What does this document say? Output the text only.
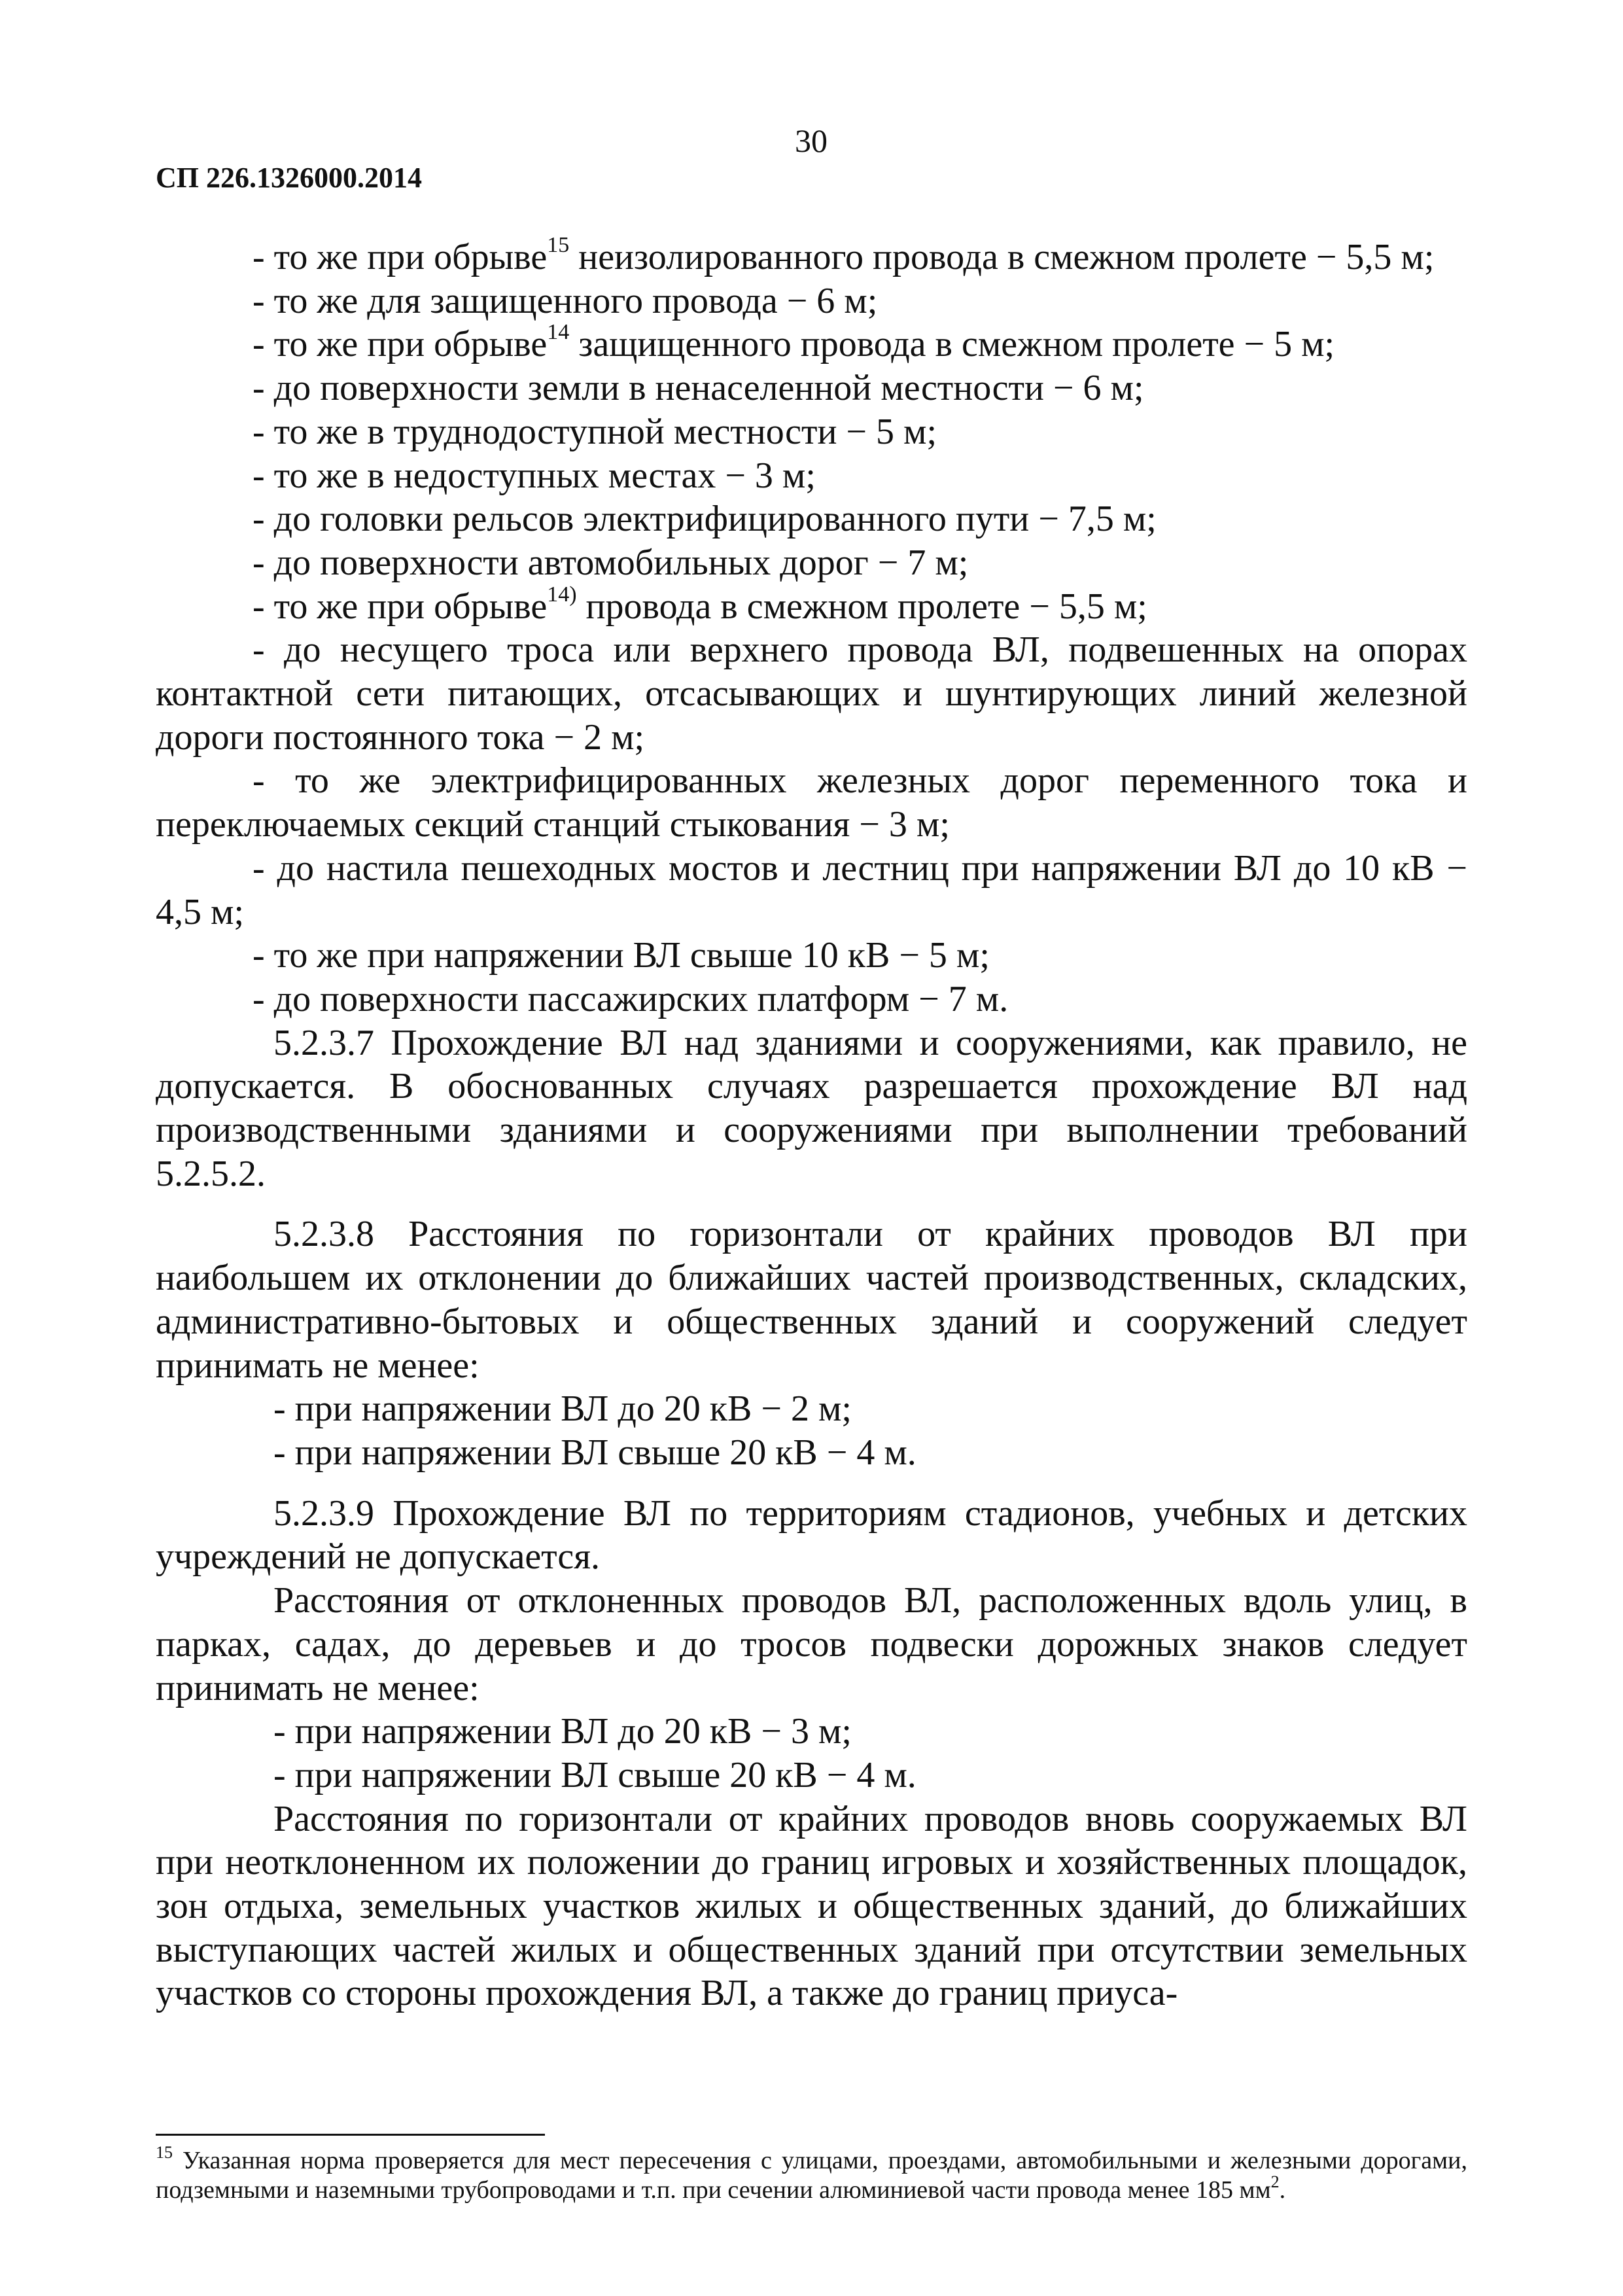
30
СП 226.1326000.2014

- то же при обрыве$^{15}$ неизолированного провода в смежном пролете − 5,5 м;

- то же для защищенного провода − 6 м;

- то же при обрыве$^{14}$ защищенного провода в смежном пролете − 5 м;

- до поверхности земли в ненаселенной местности − 6 м;

- то же в труднодоступной местности − 5 м;

- то же в недоступных местах − 3 м;

- до головки рельсов электрифицированного пути − 7,5 м;

- до поверхности автомобильных дорог − 7 м;

- то же при обрыве$^{14)}$ провода в смежном пролете − 5,5 м;

- до несущего троса или верхнего провода ВЛ, подвешенных на опорах контактной сети питающих, отсасывающих и шунтирующих линий железной дороги постоянного тока − 2 м;

- то же электрифицированных железных дорог переменного тока и переключаемых секций станций стыкования − 3 м;

- до настила пешеходных мостов и лестниц при напряжении ВЛ до 10 кВ − 4,5 м;

- то же при напряжении ВЛ свыше 10 кВ − 5 м;

- до поверхности пассажирских платформ − 7 м.

5.2.3.7 Прохождение ВЛ над зданиями и сооружениями, как правило, не допускается. В обоснованных случаях разрешается прохождение ВЛ над производственными зданиями и сооружениями при выполнении требований 5.2.5.2.

5.2.3.8 Расстояния по горизонтали от крайних проводов ВЛ при наибольшем их отклонении до ближайших частей производственных, складских, административно-бытовых и общественных зданий и сооружений следует принимать не менее:

- при напряжении ВЛ до 20 кВ − 2 м;

- при напряжении ВЛ свыше 20 кВ − 4 м.

5.2.3.9 Прохождение ВЛ по территориям стадионов, учебных и детских учреждений не допускается.

Расстояния от отклоненных проводов ВЛ, расположенных вдоль улиц, в парках, садах, до деревьев и до тросов подвески дорожных знаков следует принимать не менее:

- при напряжении ВЛ до 20 кВ − 3 м;

- при напряжении ВЛ свыше 20 кВ − 4 м.

Расстояния по горизонтали от крайних проводов вновь сооружаемых ВЛ при неотклоненном их положении до границ игровых и хозяйственных площадок, зон отдыха, земельных участков жилых и общественных зданий, до ближайших выступающих частей жилых и общественных зданий при отсутствии земельных участков со стороны прохождения ВЛ, а также до границ приуса-

$^{15}$ Указанная норма проверяется для мест пересечения с улицами, проездами, автомобильными и железными дорогами, подземными и наземными трубопроводами и т.п. при сечении алюминиевой части провода менее 185 $мм^2$.
